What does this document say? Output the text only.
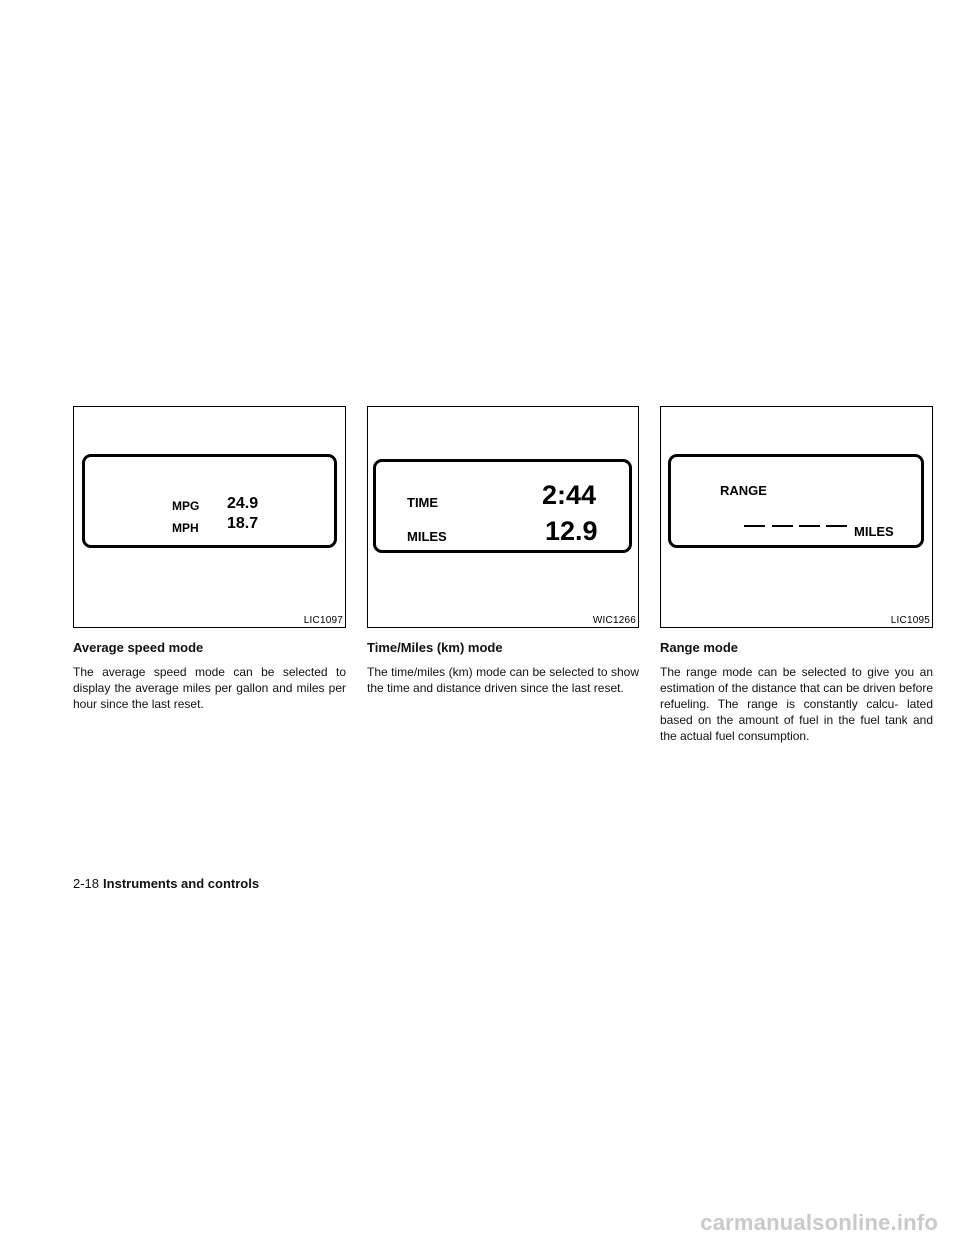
MPG 24.9
MPH 18.7
LIC1097

Average speed mode

The average speed mode can be selected to display the average miles per gallon and miles per hour since the last reset.

TIME	2:44
MILES	12.9
WIC1266

Time/Miles (km) mode

The time/miles (km) mode can be selected to show the time and distance driven since the last reset.

RANGE
MILES
LIC1095

Range mode

The range mode can be selected to give you an estimation of the distance that can be driven before refueling. The range is constantly calcu- lated based on the amount of fuel in the fuel tank and the actual fuel consumption.

2-18 Instruments and controls
carmanualsonline.info
